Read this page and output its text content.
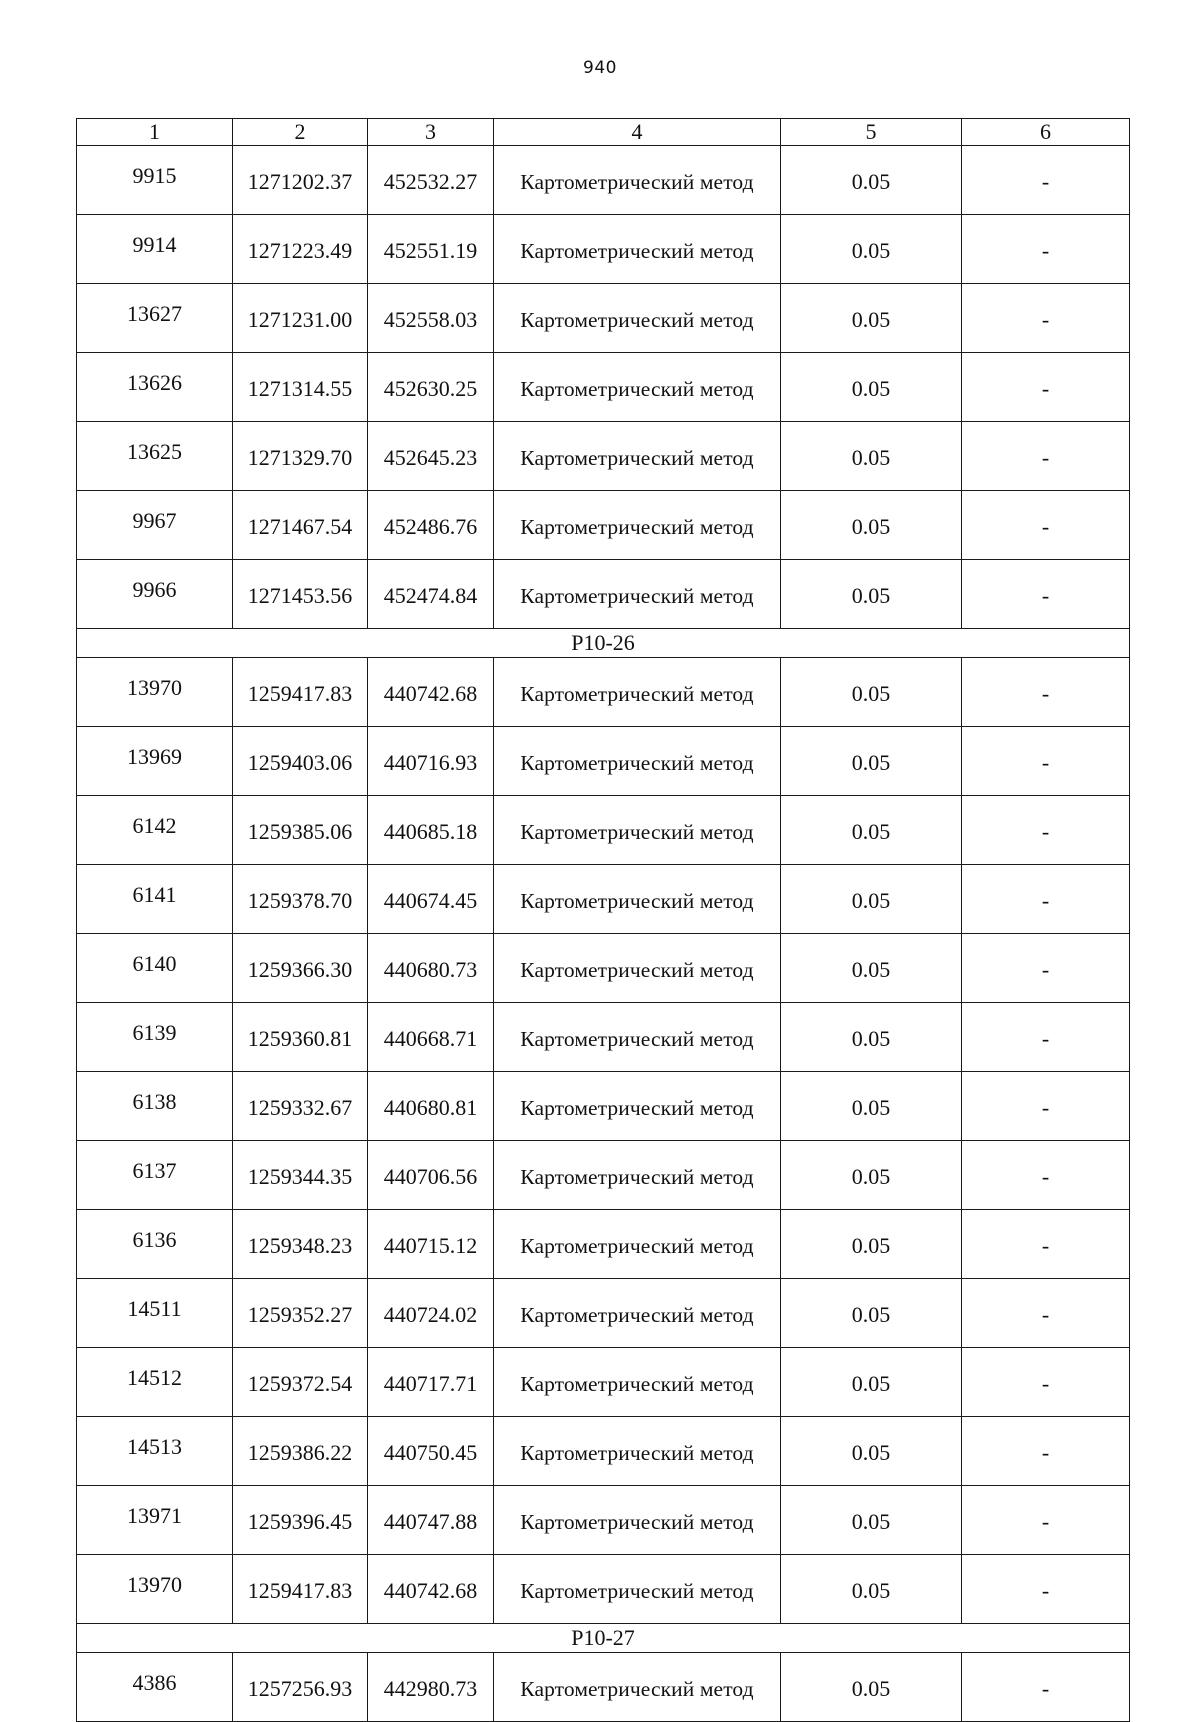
940
1	2	3	4	5	6
9915	1271202.37	452532.27	Картометрический метод	0.05	-
9914	1271223.49	452551.19	Картометрический метод	0.05	-
13627	1271231.00	452558.03	Картометрический метод	0.05	-
13626	1271314.55	452630.25	Картометрический метод	0.05	-
13625	1271329.70	452645.23	Картометрический метод	0.05	-
9967	1271467.54	452486.76	Картометрический метод	0.05	-
9966	1271453.56	452474.84	Картометрический метод	0.05	-
Р10-26					
13970	1259417.83	440742.68	Картометрический метод	0.05	-
13969	1259403.06	440716.93	Картометрический метод	0.05	-
6142	1259385.06	440685.18	Картометрический метод	0.05	-
6141	1259378.70	440674.45	Картометрический метод	0.05	-
6140	1259366.30	440680.73	Картометрический метод	0.05	-
6139	1259360.81	440668.71	Картометрический метод	0.05	-
6138	1259332.67	440680.81	Картометрический метод	0.05	-
6137	1259344.35	440706.56	Картометрический метод	0.05	-
6136	1259348.23	440715.12	Картометрический метод	0.05	-
14511	1259352.27	440724.02	Картометрический метод	0.05	-
14512	1259372.54	440717.71	Картометрический метод	0.05	-
14513	1259386.22	440750.45	Картометрический метод	0.05	-
13971	1259396.45	440747.88	Картометрический метод	0.05	-
13970	1259417.83	440742.68	Картометрический метод	0.05	-
Р10-27					
4386	1257256.93	442980.73	Картометрический метод	0.05	-
